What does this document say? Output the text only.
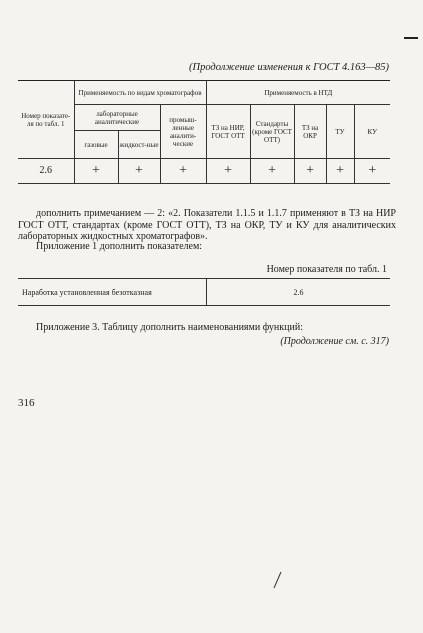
(Продолжение изменения к ГОСТ 4.163—85)
Номер показате-ля по табл. 1	Применяемость по видам хроматографов			Применяемость в НТД				
	лабораторные аналитические		промыш-ленные аналити-ческие	ТЗ на НИР, ГОСТ ОТТ	Стандарты (кроме ГОСТ ОТТ)	ТЗ на ОКР	ТУ	КУ
	газовые	жидкост-ные						
2.6	+	+	+	+	+	+	+	+
дополнить примечанием — 2: «2. Показатели 1.1.5 и 1.1.7 применяют в ТЗ на НИР ГОСТ ОТТ, стандартах (кроме ГОСТ ОТТ), ТЗ на ОКР, ТУ и КУ для аналитических лабораторных жидкостных хроматографов».
Приложение 1 дополнить показателем:
Номер показателя по табл. 1
Наработка установленная безотказная	2.6
Приложение 3. Таблицу дополнить наименованиями функций:
(Продолжение см. с. 317)
316
